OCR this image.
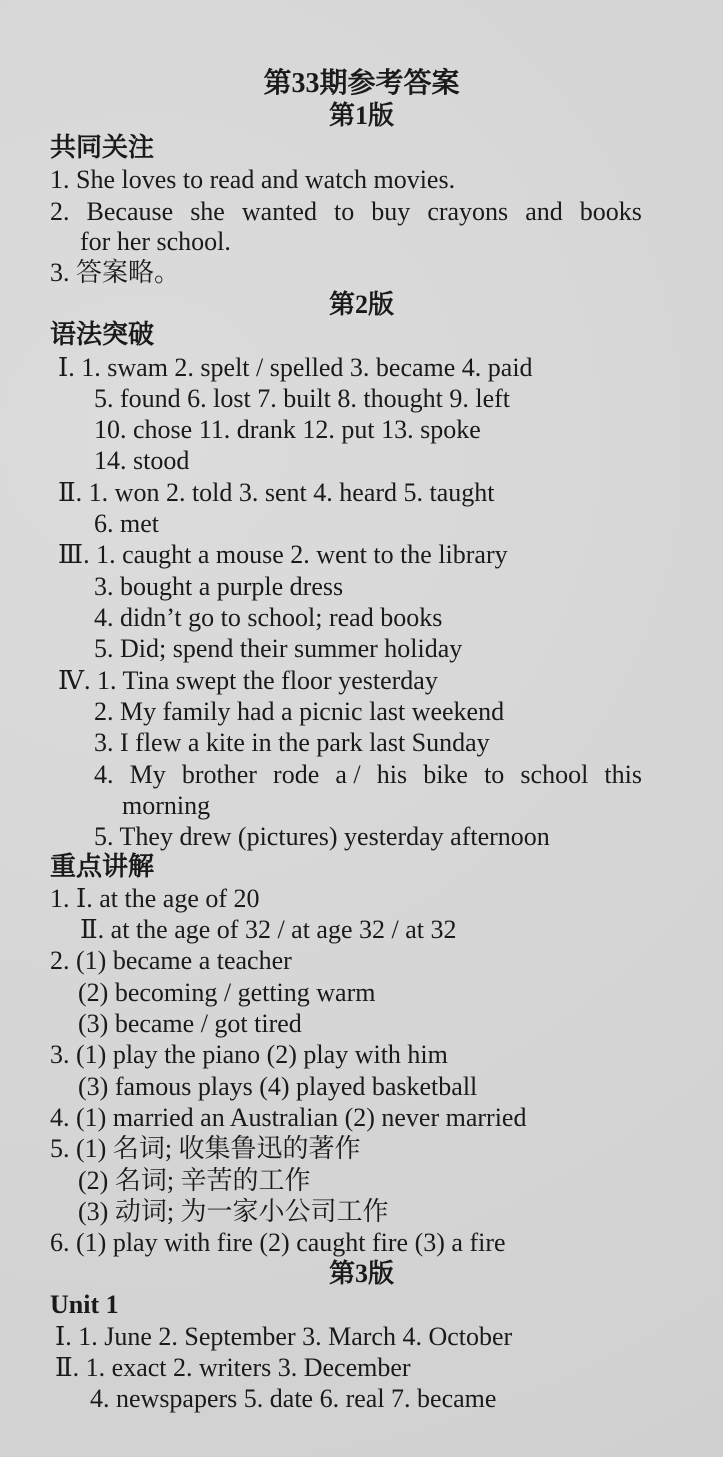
第33期参考答案
第1版
共同关注
1. She loves to read and watch movies.
2. Because she wanted to buy crayons and books
for her school.
3. 答案略。
第2版
语法突破
Ⅰ. 1. swam 2. spelt / spelled 3. became 4. paid
5. found 6. lost 7. built 8. thought 9. left
10. chose 11. drank 12. put 13. spoke
14. stood
Ⅱ. 1. won 2. told 3. sent 4. heard 5. taught
6. met
Ⅲ. 1. caught a mouse 2. went to the library
3. bought a purple dress
4. didn’t go to school; read books
5. Did; spend their summer holiday
Ⅳ. 1. Tina swept the floor yesterday
2. My family had a picnic last weekend
3. I flew a kite in the park last Sunday
4. My brother rode a / his bike to school this
morning
5. They drew (pictures) yesterday afternoon
重点讲解
1. Ⅰ. at the age of 20
Ⅱ. at the age of 32 / at age 32 / at 32
2. (1) became a teacher
(2) becoming / getting warm
(3) became / got tired
3. (1) play the piano (2) play with him
(3) famous plays (4) played basketball
4. (1) married an Australian (2) never married
5. (1) 名词; 收集鲁迅的著作
(2) 名词; 辛苦的工作
(3) 动词; 为一家小公司工作
6. (1) play with fire (2) caught fire (3) a fire
第3版
Unit 1
Ⅰ. 1. June 2. September 3. March 4. October
Ⅱ. 1. exact 2. writers 3. December
4. newspapers 5. date 6. real 7. became
